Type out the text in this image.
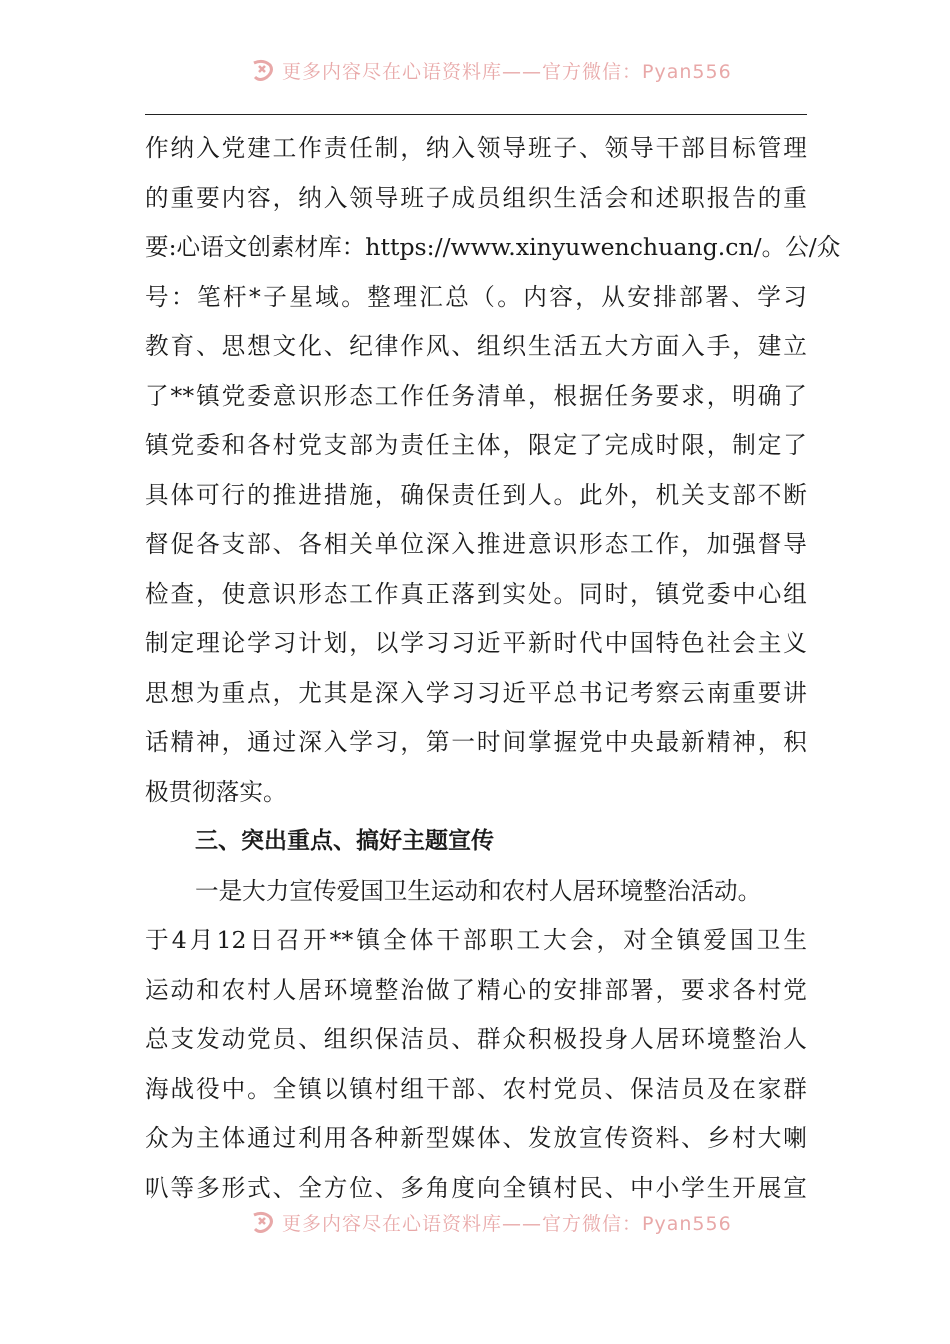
更多内容尽在心语资料库——官方微信：Pyan556
作 纳 入 党 建 工 作 责 任 制 ， 纳 入 领 导 班 子 、 领 导 干 部 目 标 管 理
的 重 要 内 容 ， 纳 入 领 导 班 子 成 员 组 织 生 活 会 和 述 职 报 告 的 重
要 : 心 语 文 创 素 材 库 ： https://www.xinyuwenchuang.cn/ 。 公 / 众
号 ： 笔 杆 * 子 星 域 。 整 理 汇 总 （ 。 内 容 ， 从 安 排 部 署 、 学 习
教 育 、 思 想 文 化 、 纪 律 作 风 、 组 织 生 活 五 大 方 面 入 手 ， 建 立
了 ** 镇 党 委 意 识 形 态 工 作 任 务 清 单 ， 根 据 任 务 要 求 ， 明 确 了
镇 党 委 和 各 村 党 支 部 为 责 任 主 体 ， 限 定 了 完 成 时 限 ， 制 定 了
具 体 可 行 的 推 进 措 施 ， 确 保 责 任 到 人 。 此 外 ， 机 关 支 部 不 断
督 促 各 支 部 、 各 相 关 单 位 深 入 推 进 意 识 形 态 工 作 ， 加 强 督 导
检 查 ， 使 意 识 形 态 工 作 真 正 落 到 实 处 。 同 时 ， 镇 党 委 中 心 组
制 定 理 论 学 习 计 划 ， 以 学 习 习 近 平 新 时 代 中 国 特 色 社 会 主 义
思 想 为 重 点 ， 尤 其 是 深 入 学 习 习 近 平 总 书 记 考 察 云 南 重 要 讲
话 精 神 ， 通 过 深 入 学 习 ， 第 一 时 间 掌 握 党 中 央 最 新 精 神 ， 积
极贯彻落实。
三、突出重点、搞好主题宣传
一是大力宣传爱国卫生运动和农村人居环境整治活动。
于 4 月 12 日 召 开 ** 镇 全 体 干 部 职 工 大 会 ， 对 全 镇 爱 国 卫 生
运 动 和 农 村 人 居 环 境 整 治 做 了 精 心 的 安 排 部 署 ， 要 求 各 村 党
总 支 发 动 党 员 、 组 织 保 洁 员 、 群 众 积 极 投 身 人 居 环 境 整 治 人
海 战 役 中 。 全 镇 以 镇 村 组 干 部 、 农 村 党 员 、 保 洁 员 及 在 家 群
众 为 主 体 通 过 利 用 各 种 新 型 媒 体 、 发 放 宣 传 资 料 、 乡 村 大 喇
叭 等 多 形 式 、 全 方 位 、 多 角 度 向 全 镇 村 民 、 中 小 学 生 开 展 宣
更多内容尽在心语资料库——官方微信：Pyan556
